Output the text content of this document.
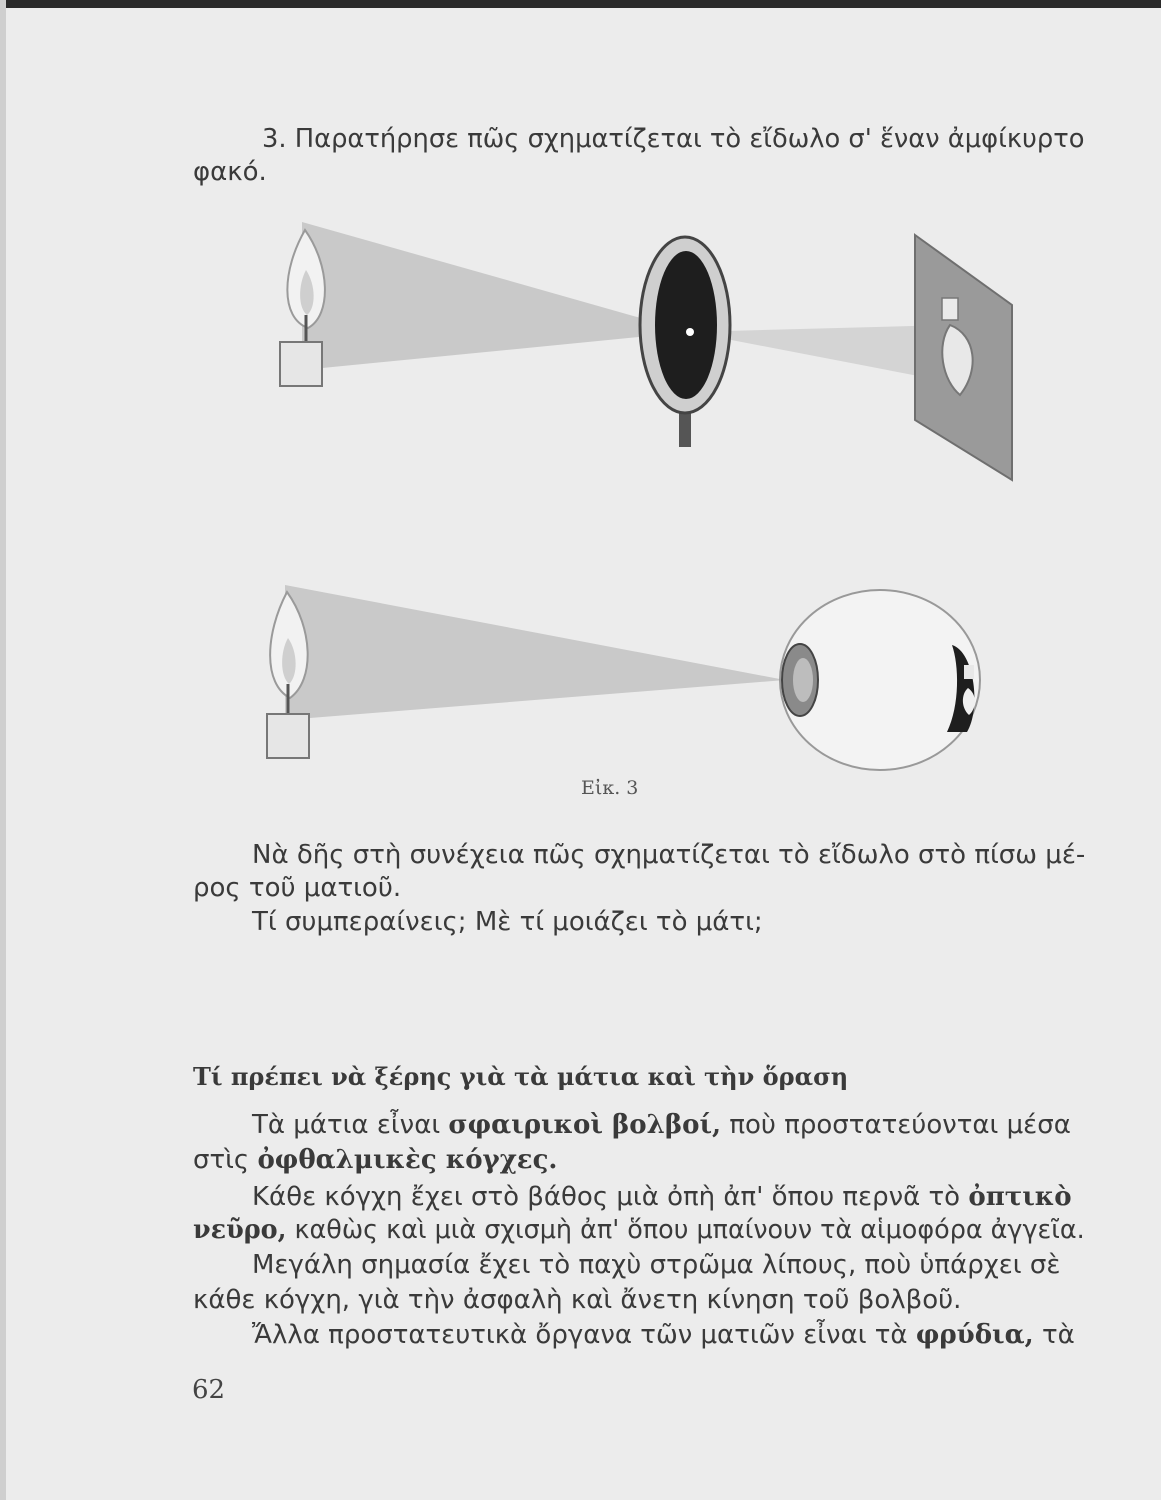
3. Παρατήρησε πῶς σχηματίζεται τὸ εἴδωλο σ' ἕναν ἀμφίκυρτο

φακό.

Εἰκ. 3

Νὰ δῆς στὴ συνέχεια πῶς σχηματίζεται τὸ εἴδωλο στὸ πίσω μέ-

ρος τοῦ ματιοῦ.

Τί συμπεραίνεις; Μὲ τί μοιάζει τὸ μάτι;

Τί πρέπει νὰ ξέρης γιὰ τὰ μάτια καὶ τὴν ὅραση

Τὰ μάτια εἶναι σφαιρικοὶ βολβοί, ποὺ προστατεύονται μέσα

στὶς ὀφθαλμικὲς κόγχες.

Κάθε κόγχη ἔχει στὸ βάθος μιὰ ὀπὴ ἀπ' ὅπου περνᾶ τὸ ὀπτικὸ

νεῦρο, καθὼς καὶ μιὰ σχισμὴ ἀπ' ὅπου μπαίνουν τὰ αἱμοφόρα ἀγγεῖα.

Μεγάλη σημασία ἔχει τὸ παχὺ στρῶμα λίπους, ποὺ ὑπάρχει σὲ

κάθε κόγχη, γιὰ τὴν ἀσφαλὴ καὶ ἄνετη κίνηση τοῦ βολβοῦ.

Ἄλλα προστατευτικὰ ὄργανα τῶν ματιῶν εἶναι τὰ φρύδια, τὰ

62
